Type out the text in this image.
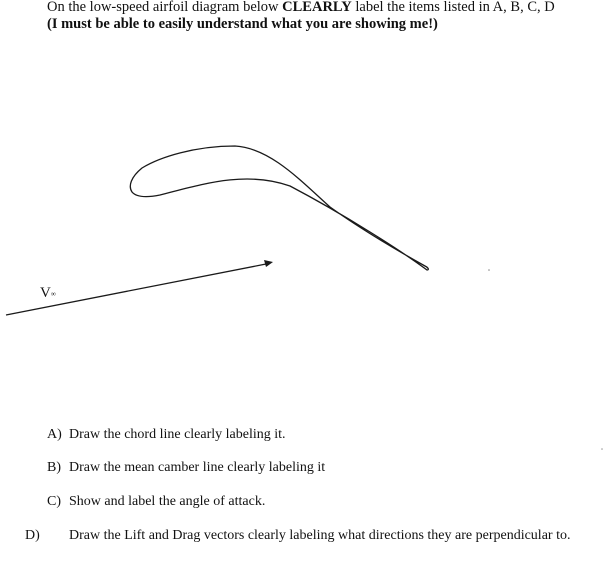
On the low-speed airfoil diagram below CLEARLY label the items listed in A, B, C, D
(I must be able to easily understand what you are showing me!)
V∞
A) Draw the chord line clearly labeling it.
B) Draw the mean camber line clearly labeling it
C) Show and label the angle of attack.
D) Draw the Lift and Drag vectors clearly labeling what directions they are perpendicular to.
